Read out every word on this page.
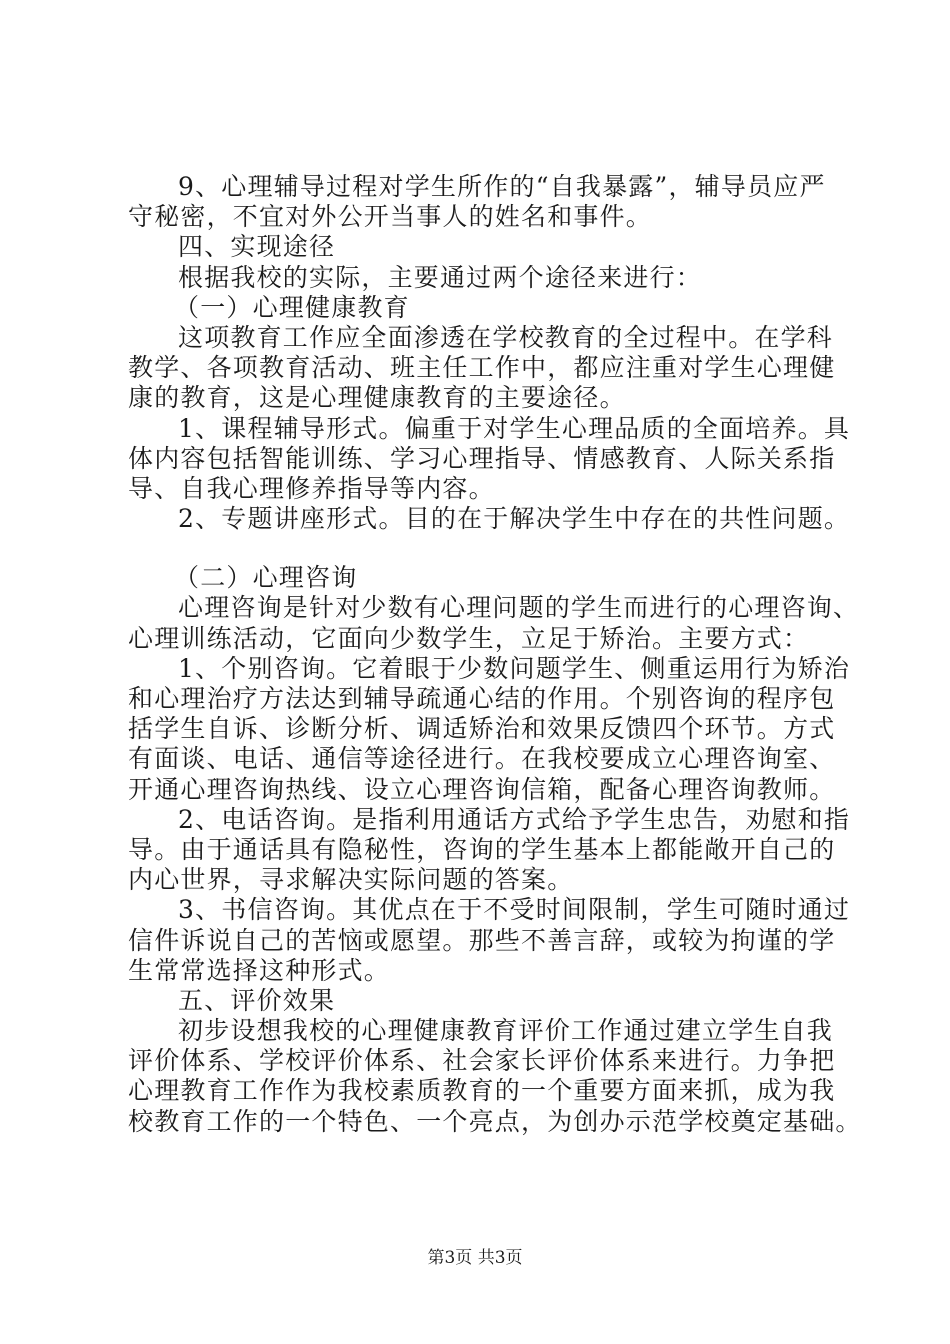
9、心理辅导过程对学生所作的“自我暴露”，辅导员应严
守秘密，不宜对外公开当事人的姓名和事件。
四、实现途径
根据我校的实际，主要通过两个途径来进行：
（一）心理健康教育
这项教育工作应全面渗透在学校教育的全过程中。在学科
教学、各项教育活动、班主任工作中，都应注重对学生心理健
康的教育，这是心理健康教育的主要途径。
1、课程辅导形式。偏重于对学生心理品质的全面培养。具
体内容包括智能训练、学习心理指导、情感教育、人际关系指
导、自我心理修养指导等内容。
2、专题讲座形式。目的在于解决学生中存在的共性问题。
（二）心理咨询
心理咨询是针对少数有心理问题的学生而进行的心理咨询、
心理训练活动，它面向少数学生，立足于矫治。主要方式：
1、个别咨询。它着眼于少数问题学生、侧重运用行为矫治
和心理治疗方法达到辅导疏通心结的作用。个别咨询的程序包
括学生自诉、诊断分析、调适矫治和效果反馈四个环节。方式
有面谈、电话、通信等途径进行。在我校要成立心理咨询室、
开通心理咨询热线、设立心理咨询信箱，配备心理咨询教师。
2、电话咨询。是指利用通话方式给予学生忠告，劝慰和指
导。由于通话具有隐秘性，咨询的学生基本上都能敞开自己的
内心世界，寻求解决实际问题的答案。
3、书信咨询。其优点在于不受时间限制，学生可随时通过
信件诉说自己的苦恼或愿望。那些不善言辞，或较为拘谨的学
生常常选择这种形式。
五、评价效果
初步设想我校的心理健康教育评价工作通过建立学生自我
评价体系、学校评价体系、社会家长评价体系来进行。力争把
心理教育工作作为我校素质教育的一个重要方面来抓，成为我
校教育工作的一个特色、一个亮点，为创办示范学校奠定基础。
第3页 共3页
